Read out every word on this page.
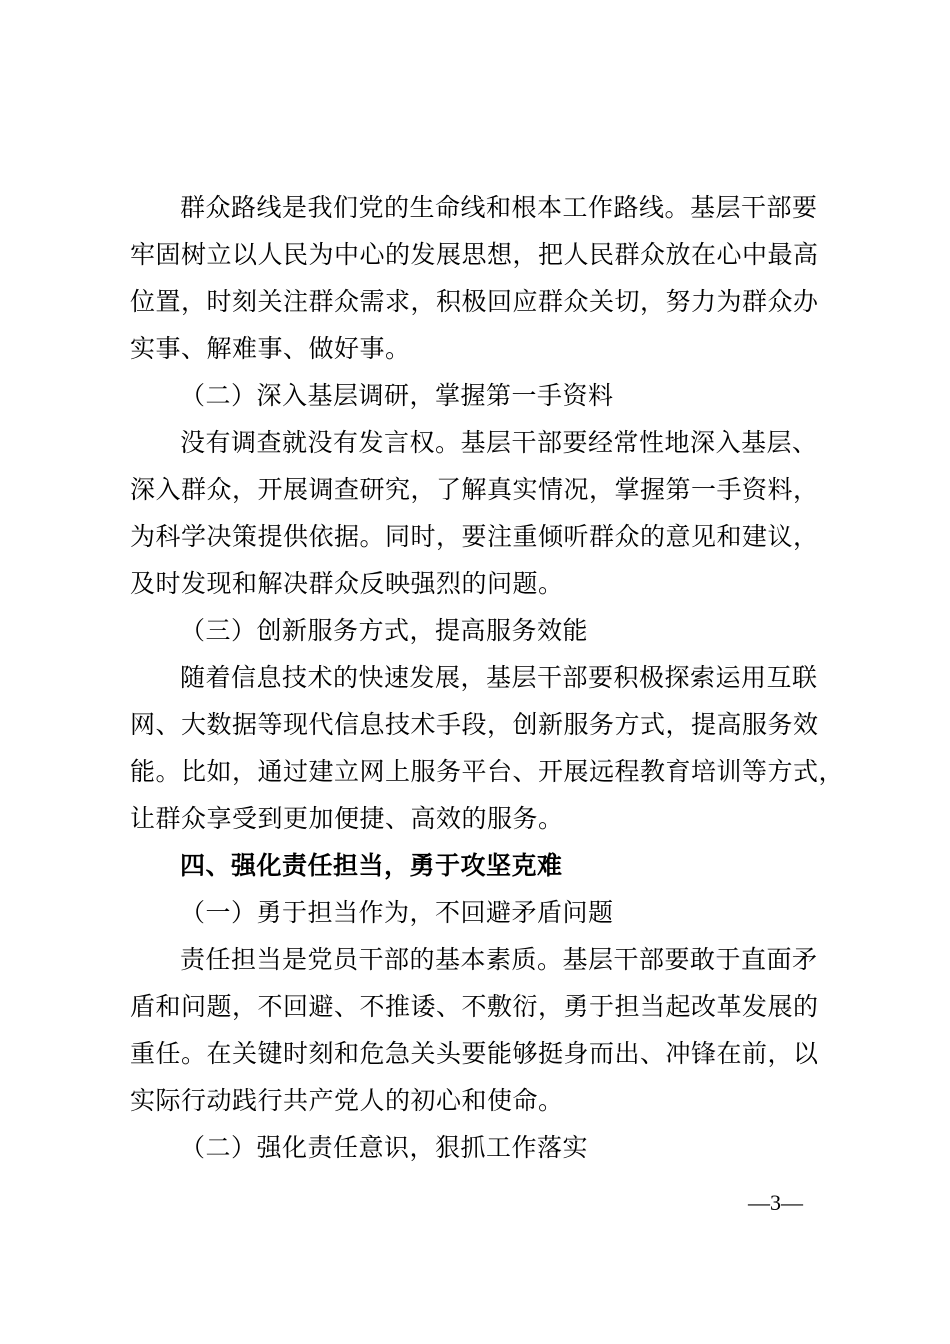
群众路线是我们党的生命线和根本工作路线。基层干部要
牢固树立以人民为中心的发展思想，把人民群众放在心中最高
位置，时刻关注群众需求，积极回应群众关切，努力为群众办
实事、解难事、做好事。
（二）深入基层调研，掌握第一手资料
没有调查就没有发言权。基层干部要经常性地深入基层、
深入群众，开展调查研究，了解真实情况，掌握第一手资料，
为科学决策提供依据。同时，要注重倾听群众的意见和建议，
及时发现和解决群众反映强烈的问题。
（三）创新服务方式，提高服务效能
随着信息技术的快速发展，基层干部要积极探索运用互联
网、大数据等现代信息技术手段，创新服务方式，提高服务效
能。比如，通过建立网上服务平台、开展远程教育培训等方式，
让群众享受到更加便捷、高效的服务。
四、强化责任担当，勇于攻坚克难
（一）勇于担当作为，不回避矛盾问题
责任担当是党员干部的基本素质。基层干部要敢于直面矛
盾和问题，不回避、不推诿、不敷衍，勇于担当起改革发展的
重任。在关键时刻和危急关头要能够挺身而出、冲锋在前，以
实际行动践行共产党人的初心和使命。
（二）强化责任意识，狠抓工作落实
—3—
